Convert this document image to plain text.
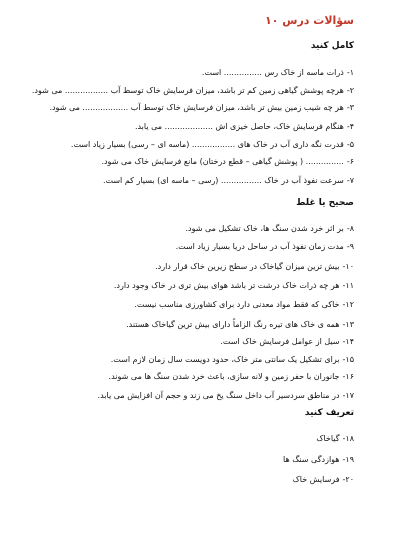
سؤالات درس ۱۰
کامل کنید
۱-ذرات ماسه از خاک رس ............... است.
۲-هرچه پوشش گیاهی زمین کم تر باشد، میزان فرسایش خاک توسط آب ................. می شود.
۳-هر چه شیب زمین بیش تر باشد، میزان فرسایش خاک توسط آب .................. می شود.
۴-هنگام فرسایش خاک، حاصل خیزی اش ................... می یابد.
۵-قدرت نگه داری آب در خاک های ................. (ماسه ای – رسی) بسیار زیاد است.
۶-............... ( پوشش گیاهی – قطع درختان) مانع فرسایش خاک می شود.
۷-سرعت نفوذ آب در خاک ................ (رسی – ماسه ای) بسیار کم است.
صحیح یا غلط
۸-بر اثر خرد شدن سنگ ها، خاک تشکیل می شود.
۹-مدت زمان نفوذ آب در ساحل دریا بسیار زیاد است.
۱۰-بیش ترین میزان گیاخاک در سطح زیرین خاک قرار دارد.
۱۱-هر چه ذرات خاک درشت تر باشد هوای بیش تری در خاک وجود دارد.
۱۲-خاکی که فقط مواد معدنی دارد برای کشاورزی مناسب نیست.
۱۳-همه ی خاک های تیره رنگ الزاماً دارای بیش ترین گیاخاک هستند.
۱۴-سیل از عوامل فرسایش خاک است.
۱۵-برای تشکیل یک سانتی متر خاک، حدود دویست سال زمان لازم است.
۱۶-جانوران با حفر زمین و لانه سازی، باعث خرد شدن سنگ ها می شوند.
۱۷-در مناطق سردسیر آب داخل سنگ یخ می زند و حجم آن افزایش می یابد.
تعریف کنید
۱۸-گیاخاک
۱۹-هوازدگی سنگ ها
۲۰-فرسایش خاک
